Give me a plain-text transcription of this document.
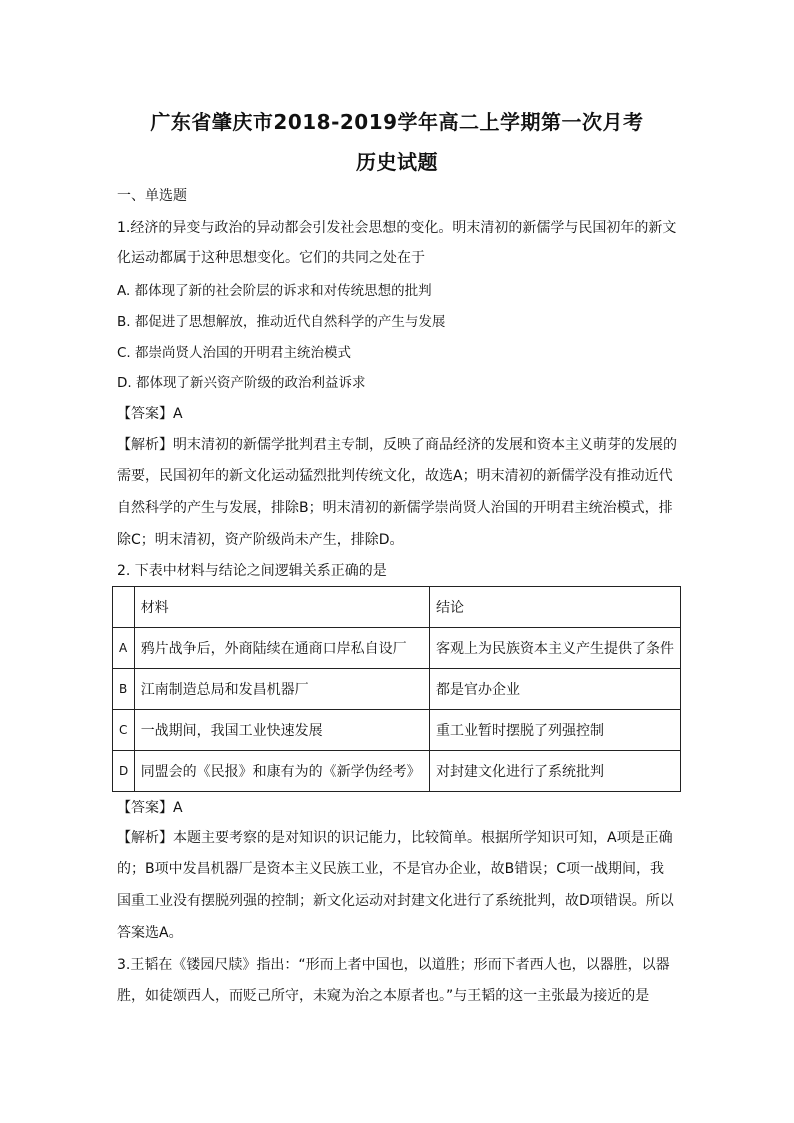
广东省肇庆市2018-2019学年高二上学期第一次月考
历史试题
一、单选题
1.经济的异变与政治的异动都会引发社会思想的变化。明末清初的新儒学与民国初年的新文
化运动都属于这种思想变化。它们的共同之处在于
A. 都体现了新的社会阶层的诉求和对传统思想的批判
B. 都促进了思想解放，推动近代自然科学的产生与发展
C. 都崇尚贤人治国的开明君主统治模式
D. 都体现了新兴资产阶级的政治利益诉求
【答案】A
【解析】明末清初的新儒学批判君主专制，反映了商品经济的发展和资本主义萌芽的发展的
需要，民国初年的新文化运动猛烈批判传统文化，故选A；明末清初的新儒学没有推动近代
自然科学的产生与发展，排除B；明末清初的新儒学崇尚贤人治国的开明君主统治模式，排
除C；明末清初，资产阶级尚未产生，排除D。
2. 下表中材料与结论之间逻辑关系正确的是
	材料	结论
A	鸦片战争后，外商陆续在通商口岸私自设厂	客观上为民族资本主义产生提供了条件
B	江南制造总局和发昌机器厂	都是官办企业
C	一战期间，我国工业快速发展	重工业暂时摆脱了列强控制
D	同盟会的《民报》和康有为的《新学伪经考》	对封建文化进行了系统批判
【答案】A
【解析】本题主要考察的是对知识的识记能力，比较简单。根据所学知识可知，A项是正确
的；B项中发昌机器厂是资本主义民族工业，不是官办企业，故B错误；C项一战期间，我
国重工业没有摆脱列强的控制；新文化运动对封建文化进行了系统批判，故D项错误。所以
答案选A。
3.王韬在《镂园尺牍》指出：“形而上者中国也，以道胜；形而下者西人也，以器胜，以器
胜，如徒颂西人，而贬己所守，未窥为治之本原者也。”与王韬的这一主张最为接近的是
